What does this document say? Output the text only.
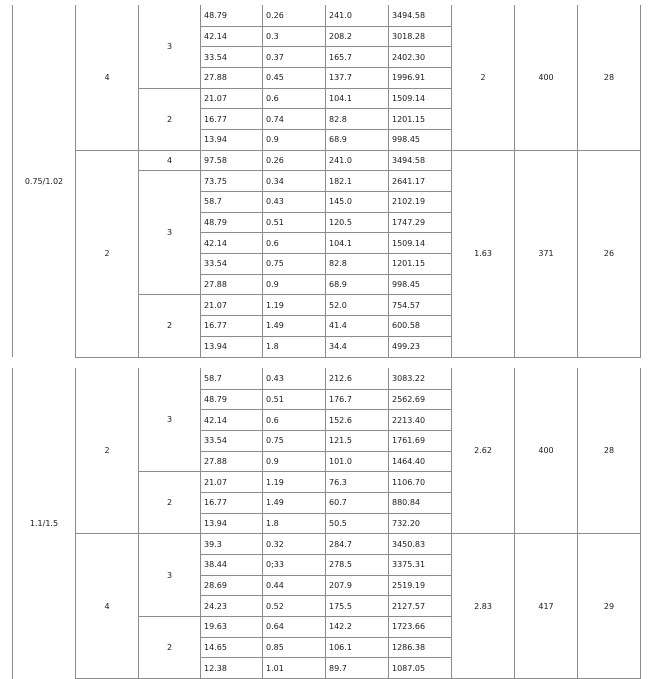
0.75/1.02	4	3	48.79	0.26	241.0	3494.58	2	400	28
			42.14	0.3	208.2	3018.28			
			33.54	0.37	165.7	2402.30			
			27.88	0.45	137.7	1996.91			
		2	21.07	0.6	104.1	1509.14			
			16.77	0.74	82.8	1201.15			
			13.94	0.9	68.9	998.45			
	2	4	97.58	0.26	241.0	3494.58	1.63	371	26
		3	73.75	0.34	182.1	2641.17			
			58.7	0.43	145.0	2102.19			
			48.79	0.51	120.5	1747.29			
			42.14	0.6	104.1	1509.14			
			33.54	0.75	82.8	1201.15			
			27.88	0.9	68.9	998.45			
		2	21.07	1.19	52.0	754.57			
			16.77	1.49	41.4	600.58			
			13.94	1.8	34.4	499.23			
1.1/1.5	2	3	58.7	0.43	212.6	3083.22	2.62	400	28
			48.79	0.51	176.7	2562.69			
			42.14	0.6	152.6	2213.40			
			33.54	0.75	121.5	1761.69			
			27.88	0.9	101.0	1464.40			
		2	21.07	1.19	76.3	1106.70			
			16.77	1.49	60.7	880.84			
			13.94	1.8	50.5	732.20			
	4	3	39.3	0.32	284.7	3450.83	2.83	417	29
			38.44	0;33	278.5	3375.31			
			28.69	0.44	207.9	2519.19			
			24.23	0.52	175.5	2127.57			
		2	19.63	0.64	142.2	1723.66			
			14.65	0.85	106.1	1286.38			
			12.38	1.01	89.7	1087.05			
